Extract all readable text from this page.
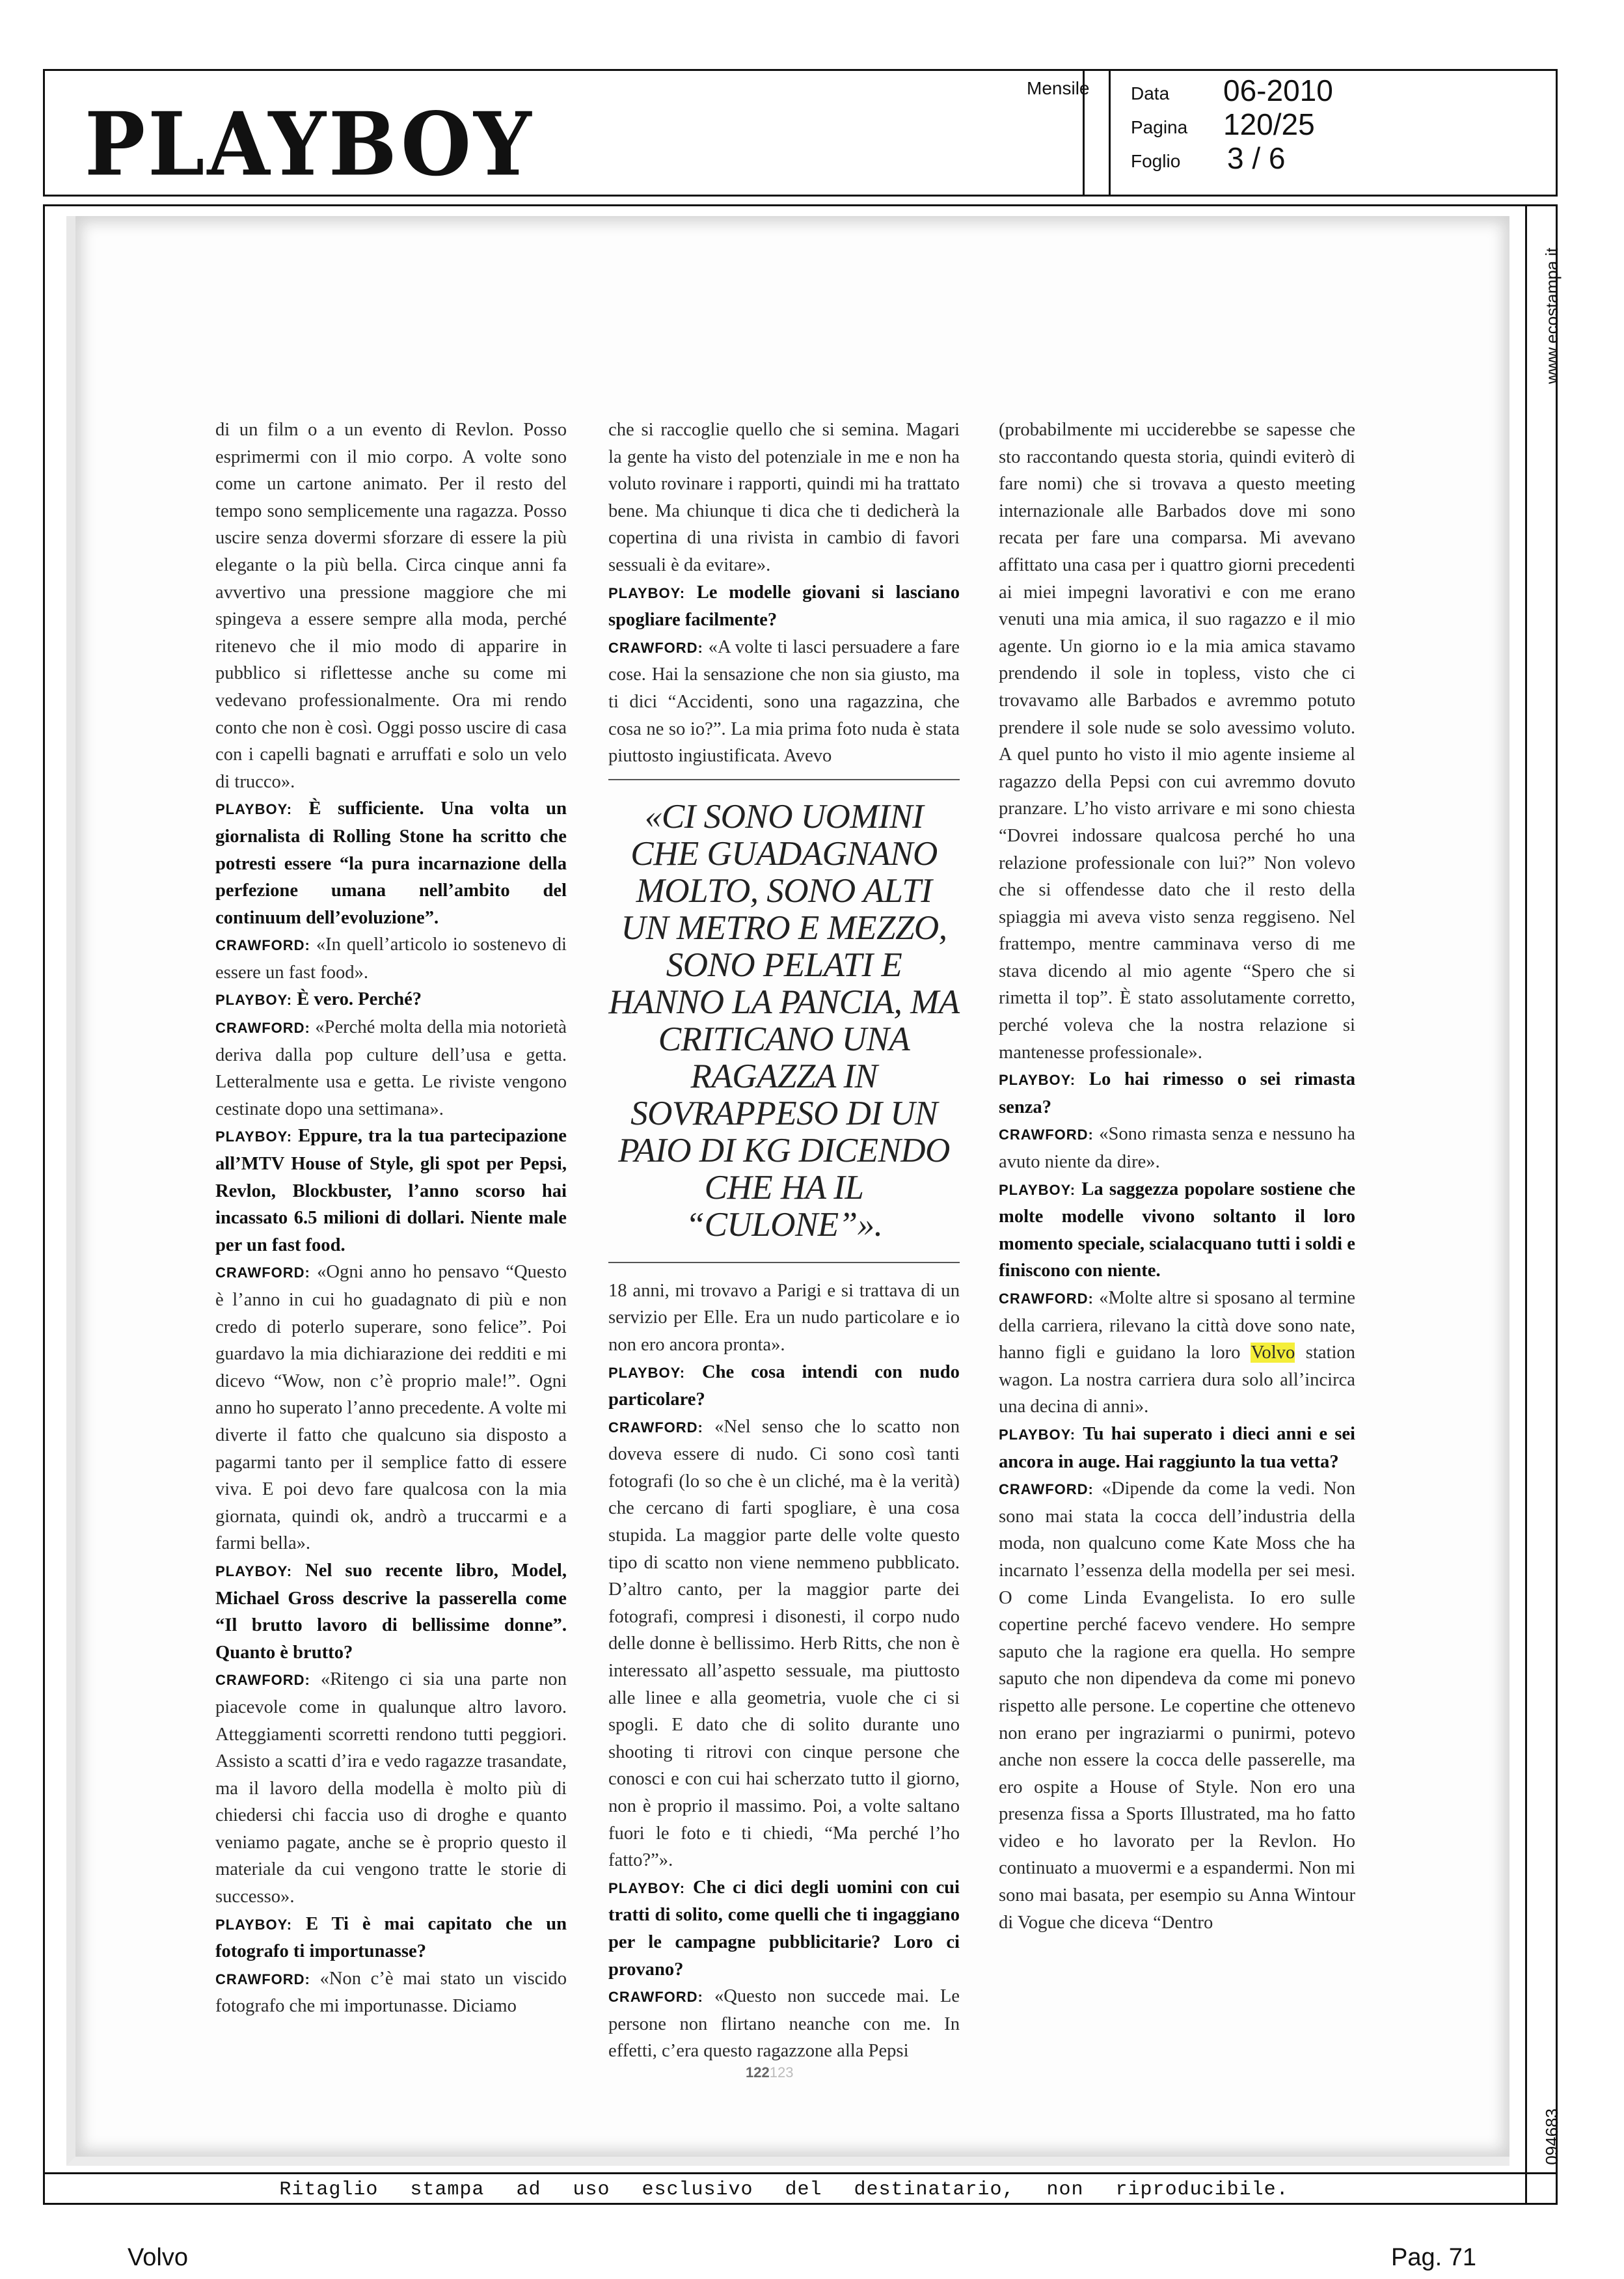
PLAYBOY
Mensile Data 06-2010
Pagina 120/25
Foglio 3 / 6
www.ecostampa.it
094683

di un film o a un evento di Revlon. Posso esprimermi con il mio corpo. A volte sono come un cartone animato. Per il resto del tempo sono semplicemente una ragazza. Posso uscire senza dovermi sforzare di essere la più elegante o la più bella. Circa cinque anni fa avvertivo una pressione maggiore che mi spingeva a essere sempre alla moda, perché ritenevo che il mio modo di apparire in pubblico si riflettesse anche su come mi vedevano professionalmente. Ora mi rendo conto che non è così. Oggi posso uscire di casa con i capelli bagnati e arruffati e solo un velo di trucco».

PLAYBOY: È sufficiente. Una volta un giornalista di Rolling Stone ha scritto che potresti essere “la pura incarnazione della perfezione umana nell’ambito del continuum dell’evoluzione”.

CRAWFORD: «In quell’articolo io sostenevo di essere un fast food».

PLAYBOY: È vero. Perché?

CRAWFORD: «Perché molta della mia notorietà deriva dalla pop culture dell’usa e getta. Letteralmente usa e getta. Le riviste vengono cestinate dopo una settimana».

PLAYBOY: Eppure, tra la tua partecipazione all’MTV House of Style, gli spot per Pepsi, Revlon, Blockbuster, l’anno scorso hai incassato 6.5 milioni di dollari. Niente male per un fast food.

CRAWFORD: «Ogni anno ho pensavo “Questo è l’anno in cui ho guadagnato di più e non credo di poterlo superare, sono felice”. Poi guardavo la mia dichiarazione dei redditi e mi dicevo “Wow, non c’è proprio male!”. Ogni anno ho superato l’anno precedente. A volte mi diverte il fatto che qualcuno sia disposto a pagarmi tanto per il semplice fatto di essere viva. E poi devo fare qualcosa con la mia giornata, quindi ok, andrò a truccarmi e a farmi bella».

PLAYBOY: Nel suo recente libro, Model, Michael Gross descrive la passerella come “Il brutto lavoro di bellissime donne”. Quanto è brutto?

CRAWFORD: «Ritengo ci sia una parte non piacevole come in qualunque altro lavoro. Atteggiamenti scorretti rendono tutti peggiori. Assisto a scatti d’ira e vedo ragazze trasandate, ma il lavoro della modella è molto più di chiedersi chi faccia uso di droghe e quanto veniamo pagate, anche se è proprio questo il materiale da cui vengono tratte le storie di successo».

PLAYBOY: E Ti è mai capitato che un fotografo ti importunasse?

CRAWFORD: «Non c’è mai stato un viscido fotografo che mi importunasse. Diciamo

che si raccoglie quello che si semina. Magari la gente ha visto del potenziale in me e non ha voluto rovinare i rapporti, quindi mi ha trattato bene. Ma chiunque ti dica che ti dedicherà la copertina di una rivista in cambio di favori sessuali è da evitare».

PLAYBOY: Le modelle giovani si lasciano spogliare facilmente?

CRAWFORD: «A volte ti lasci persuadere a fare cose. Hai la sensazione che non sia giusto, ma ti dici “Accidenti, sono una ragazzina, che cosa ne so io?”. La mia prima foto nuda è stata piuttosto ingiustificata. Avevo

«CI SONO UOMINI CHE GUADAGNANO MOLTO, SONO ALTI UN METRO E MEZZO, SONO PELATI E HANNO LA PANCIA, MA CRITICANO UNA RAGAZZA IN SOVRAPPESO DI UN PAIO DI KG DICENDO CHE HA IL “CULONE”».

18 anni, mi trovavo a Parigi e si trattava di un servizio per Elle. Era un nudo particolare e io non ero ancora pronta».

PLAYBOY: Che cosa intendi con nudo particolare?

CRAWFORD: «Nel senso che lo scatto non doveva essere di nudo. Ci sono così tanti fotografi (lo so che è un cliché, ma è la verità) che cercano di farti spogliare, è una cosa stupida. La maggior parte delle volte questo tipo di scatto non viene nemmeno pubblicato. D’altro canto, per la maggior parte dei fotografi, compresi i disonesti, il corpo nudo delle donne è bellissimo. Herb Ritts, che non è interessato all’aspetto sessuale, ma piuttosto alle linee e alla geometria, vuole che ci si spogli. E dato che di solito durante uno shooting ti ritrovi con cinque persone che conosci e con cui hai scherzato tutto il giorno, non è proprio il massimo. Poi, a volte saltano fuori le foto e ti chiedi, “Ma perché l’ho fatto?”».

PLAYBOY: Che ci dici degli uomini con cui tratti di solito, come quelli che ti ingaggiano per le campagne pubblicitarie? Loro ci provano?

CRAWFORD: «Questo non succede mai. Le persone non flirtano neanche con me. In effetti, c’era questo ragazzone alla Pepsi

(probabilmente mi ucciderebbe se sapesse che sto raccontando questa storia, quindi eviterò di fare nomi) che si trovava a questo meeting internazionale alle Barbados dove mi sono recata per fare una comparsa. Mi avevano affittato una casa per i quattro giorni precedenti ai miei impegni lavorativi e con me erano venuti una mia amica, il suo ragazzo e il mio agente. Un giorno io e la mia amica stavamo prendendo il sole in topless, visto che ci trovavamo alle Barbados e avremmo potuto prendere il sole nude se solo avessimo voluto. A quel punto ho visto il mio agente insieme al ragazzo della Pepsi con cui avremmo dovuto pranzare. L’ho visto arrivare e mi sono chiesta “Dovrei indossare qualcosa perché ho una relazione professionale con lui?” Non volevo che si offendesse dato che il resto della spiaggia mi aveva visto senza reggiseno. Nel frattempo, mentre camminava verso di me stava dicendo al mio agente “Spero che si rimetta il top”. È stato assolutamente corretto, perché voleva che la nostra relazione si mantenesse professionale».

PLAYBOY: Lo hai rimesso o sei rimasta senza?

CRAWFORD: «Sono rimasta senza e nessuno ha avuto niente da dire».

PLAYBOY: La saggezza popolare sostiene che molte modelle vivono soltanto il loro momento speciale, scialacquano tutti i soldi e finiscono con niente.

CRAWFORD: «Molte altre si sposano al termine della carriera, rilevano la città dove sono nate, hanno figli e guidano la loro Volvo station wagon. La nostra carriera dura solo all’incirca una decina di anni».

PLAYBOY: Tu hai superato i dieci anni e sei ancora in auge. Hai raggiunto la tua vetta?

CRAWFORD: «Dipende da come la vedi. Non sono mai stata la cocca dell’industria della moda, non qualcuno come Kate Moss che ha incarnato l’essenza della modella per sei mesi. O come Linda Evangelista. Io ero sulle copertine perché facevo vendere. Ho sempre saputo che la ragione era quella. Ho sempre saputo che non dipendeva da come mi ponevo rispetto alle persone. Le copertine che ottenevo non erano per ingraziarmi o punirmi, potevo anche non essere la cocca delle passerelle, ma ero ospite a House of Style. Non ero una presenza fissa a Sports Illustrated, ma ho fatto video e ho lavorato per la Revlon. Ho continuato a muovermi e a espandermi. Non mi sono mai basata, per esempio su Anna Wintour di Vogue che diceva “Dentro

122123
Ritaglio stampa ad uso esclusivo del destinatario, non riproducibile.
Volvo	Pag. 71
